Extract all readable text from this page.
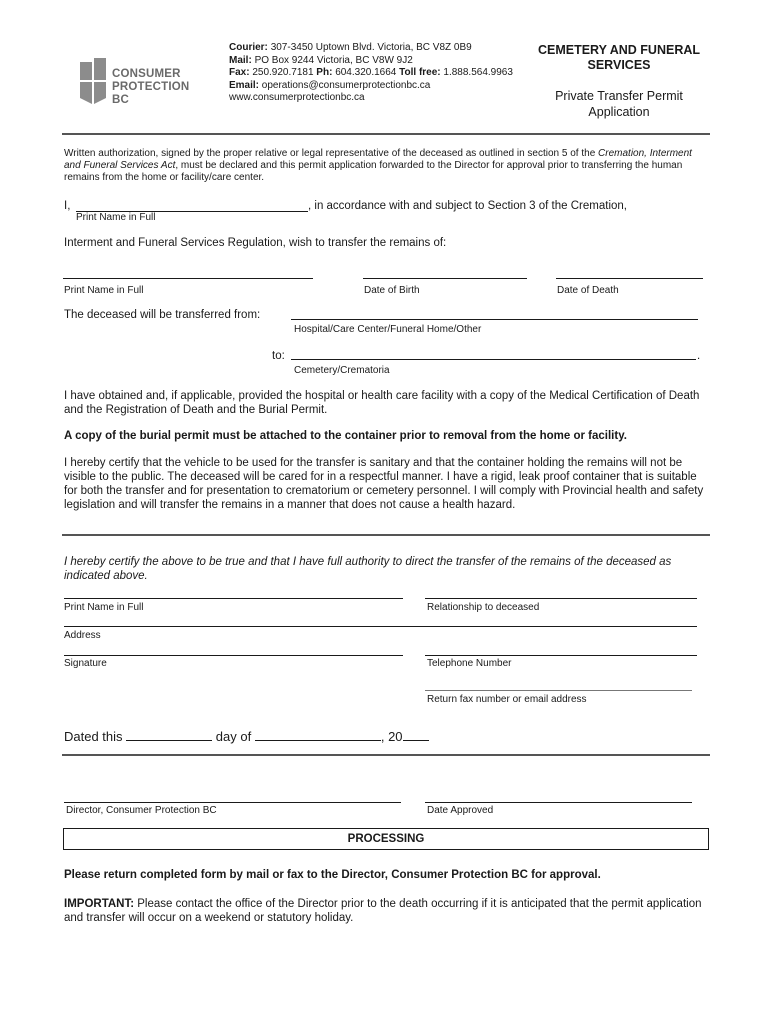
CONSUMER
PROTECTION BC
Courier: 307-3450 Uptown Blvd. Victoria, BC V8Z 0B9
Mail: PO Box 9244 Victoria, BC V8W 9J2
Fax: 250.920.7181 Ph: 604.320.1664 Toll free: 1.888.564.9963
Email: operations@consumerprotectionbc.ca
www.consumerprotectionbc.ca
CEMETERY AND FUNERAL
SERVICES
Private Transfer Permit
Application
Written authorization, signed by the proper relative or legal representative of the deceased as outlined in section 5 of the Cremation, Interment and Funeral Services Act, must be declared and this permit application forwarded to the Director for approval prior to transferring the human remains from the home or facility/care center.
I,	, in accordance with and subject to Section 3 of the Cremation,
Print Name in Full
Interment and Funeral Services Regulation, wish to transfer the remains of:
Print Name in Full	Date of Birth	Date of Death
The deceased will be transferred from:
Hospital/Care Center/Funeral Home/Other
to:	.
Cemetery/Crematoria
I have obtained and, if applicable, provided the hospital or health care facility with a copy of the Medical Certification of Death and the Registration of Death and the Burial Permit.
A copy of the burial permit must be attached to the container prior to removal from the home or facility.
I hereby certify that the vehicle to be used for the transfer is sanitary and that the container holding the remains will not be visible to the public. The deceased will be cared for in a respectful manner. I have a rigid, leak proof container that is suitable for both the transfer and for presentation to crematorium or cemetery personnel. I will comply with Provincial health and safety legislation and will transfer the remains in a manner that does not cause a health hazard.
I hereby certify the above to be true and that I have full authority to direct the transfer of the remains of the deceased as indicated above.
Print Name in Full	Relationship to deceased
Address
Signature	Telephone Number
Return fax number or email address
Dated this	day of	, 20
Director, Consumer Protection BC	Date Approved
PROCESSING
Please return completed form by mail or fax to the Director, Consumer Protection BC for approval.
IMPORTANT: Please contact the office of the Director prior to the death occurring if it is anticipated that the permit application and transfer will occur on a weekend or statutory holiday.
